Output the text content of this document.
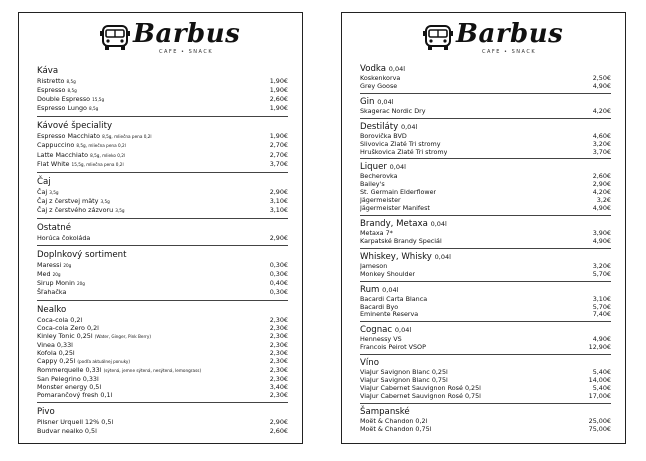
Barbus
CAFE • SNACK
Káva
Ristretto 8,5g	1,90€
Espresso 8,5g	1,90€
Double Espresso 15,5g	2,60€
Espresso Lungo 8,5g	1,90€
Kávové špeciality
Espresso Macchiato 8,5g, mliečna pena 0,2l	1,90€
Cappuccino 8,5g, mliečna pena 0,2l	2,70€
Latte Macchiato 8,5g, mlieko 0,2l	2,70€
Flat White 15,5g, mliečna pena 0,2l	3,70€
Čaj
Čaj 3,5g	2,90€
Čaj z čerstvej mäty 3,5g	3,10€
Čaj z čerstvého zázvoru 3,5g	3,10€
Ostatné
Horúca čokoláda	2,90€
Doplnkový sortiment
Maressi 20g	0,30€
Med 20g	0,30€
Sirup Monin 20g	0,40€
Šľahačka	0,30€
Nealko
Coca-cola 0,2l	2,30€
Coca-cola Zero 0,2l	2,30€
Kinley Tonic 0,25l (Water, Ginger, Pink Berry)	2,30€
Vinea 0,33l	2,30€
Kofola 0,25l	2,30€
Cappy 0,25l (podľa aktuálnej ponuky)	2,30€
Rommerquelle 0,33l (sýtená, jemne sýtená, nesýtená, lemongrass)	2,30€
San Pelegrino 0,33l	2,30€
Monster energy 0,5l	3,40€
Pomarančový fresh 0,1l	2,30€
Pivo
Pilsner Urquell 12% 0,5l	2,90€
Budvar nealko 0,5l	2,60€
Barbus
CAFE • SNACK
Vodka 0,04l
Koskenkorva	2,50€
Grey Goose	4,90€
Gin 0,04l
Skagerac Nordic Dry	4,20€
Destiláty 0,04l
Borovička BVD	4,60€
Slivovica Zlaté Tri stromy	3,20€
Hruškovica Zlaté Tri stromy	3,70€
Liquer 0,04l
Becherovka	2,60€
Bailey's	2,90€
St. Germain Elderflower	4,20€
Jägermeister	3,2€
Jägermeister Manifest	4,90€
Brandy, Metaxa 0,04l
Metaxa 7*	3,90€
Karpatské Brandy Špeciál	4,90€
Whiskey, Whisky 0,04l
Jameson	3,20€
Monkey Shoulder	5,70€
Rum 0,04l
Bacardi Carta Blanca	3,10€
Bacardi Byo	5,70€
Eminente Reserva	7,40€
Cognac 0,04l
Hennessy VS	4,90€
Francois Peirot VSOP	12,90€
Víno
ViaJur Savignon Blanc 0,25l	5,40€
ViaJur Savignon Blanc 0,75l	14,00€
ViaJur Cabernet Sauvignon Rosé 0,25l	5,40€
ViaJur Cabernet Sauvignon Rosé 0,75l	17,00€
Šampanské
Moët & Chandon 0,2l	25,00€
Moët & Chandon 0,75l	75,00€
